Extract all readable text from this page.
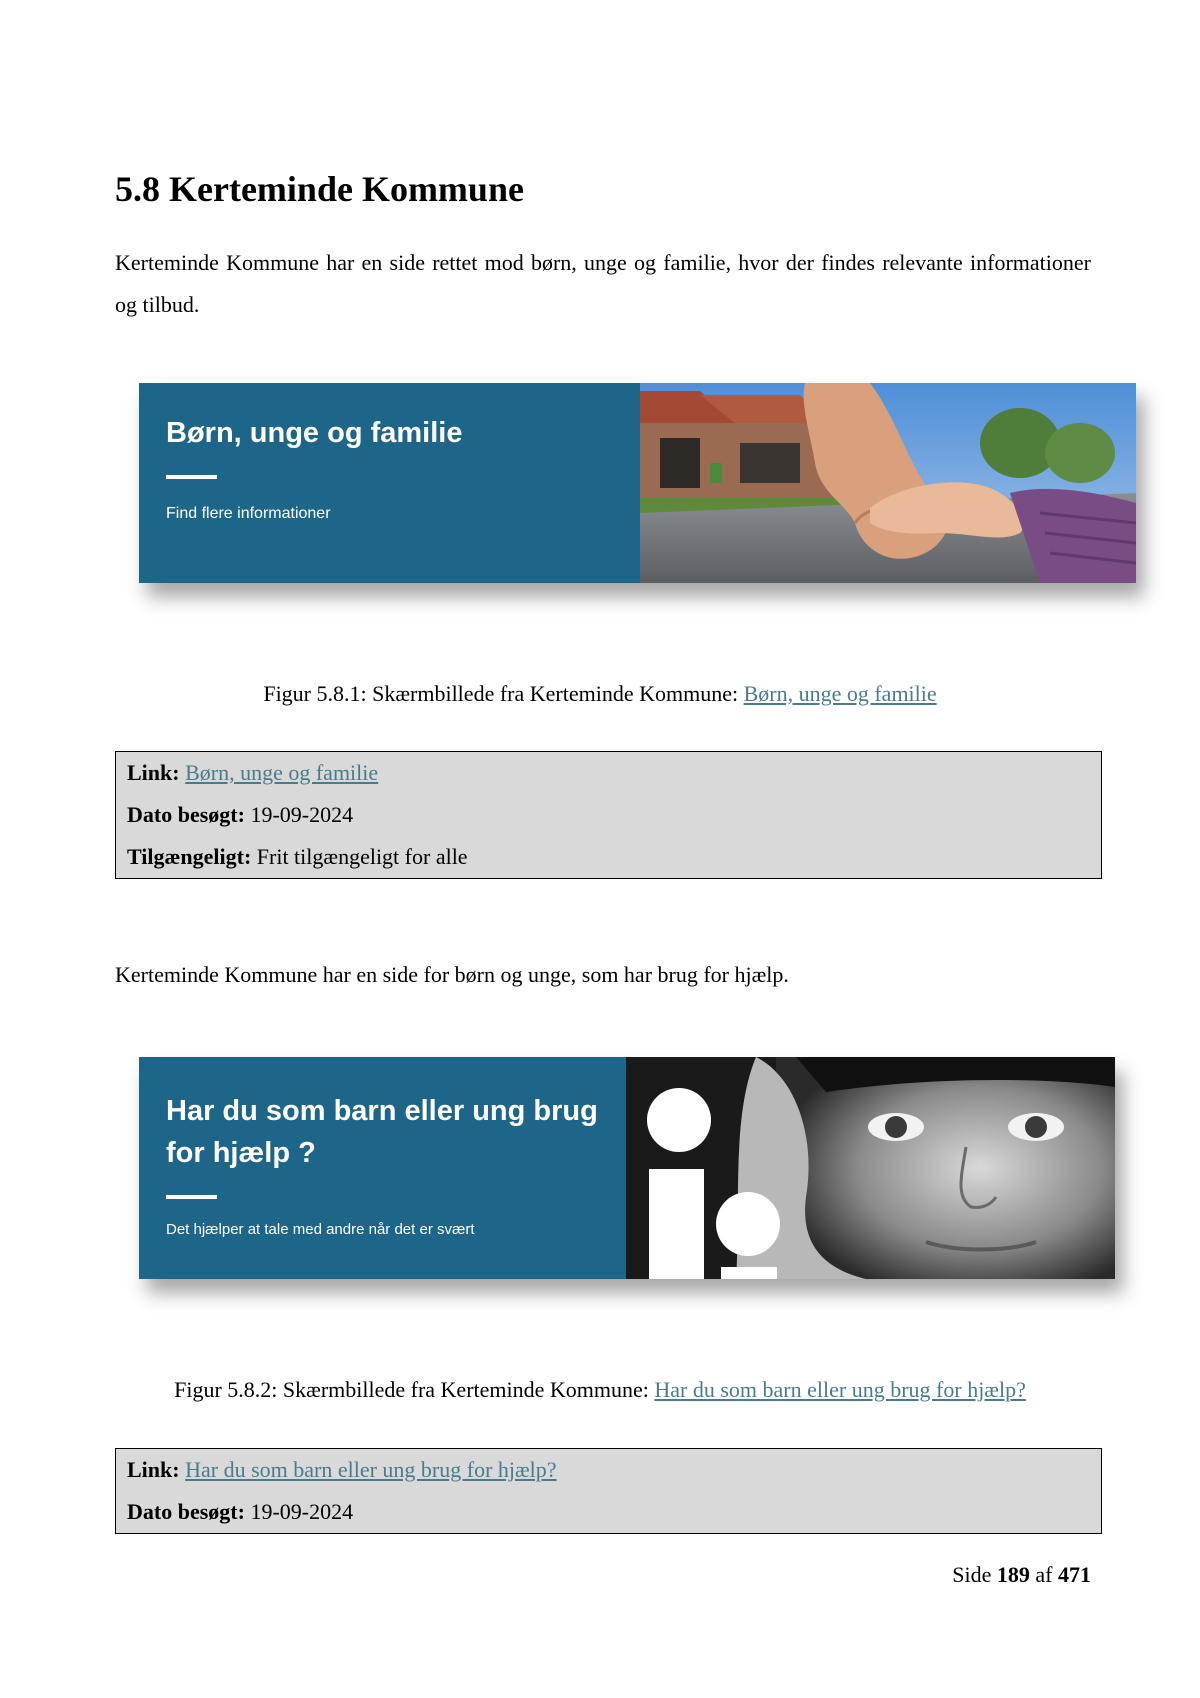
5.8 Kerteminde Kommune

Kerteminde Kommune har en side rettet mod børn, unge og familie, hvor der findes relevante informationer og tilbud.

Børn, unge og familie
Find flere informationer

Figur 5.8.1: Skærmbillede fra Kerteminde Kommune: Børn, unge og familie

Link: Børn, unge og familie
Dato besøgt: 19-09-2024
Tilgængeligt: Frit tilgængeligt for alle

Kerteminde Kommune har en side for børn og unge, som har brug for hjælp.

Har du som barn eller ung brug for hjælp ?
Det hjælper at tale med andre når det er svært

Figur 5.8.2: Skærmbillede fra Kerteminde Kommune: Har du som barn eller ung brug for hjælp?

Link: Har du som barn eller ung brug for hjælp?
Dato besøgt: 19-09-2024
Side 189 af 471
